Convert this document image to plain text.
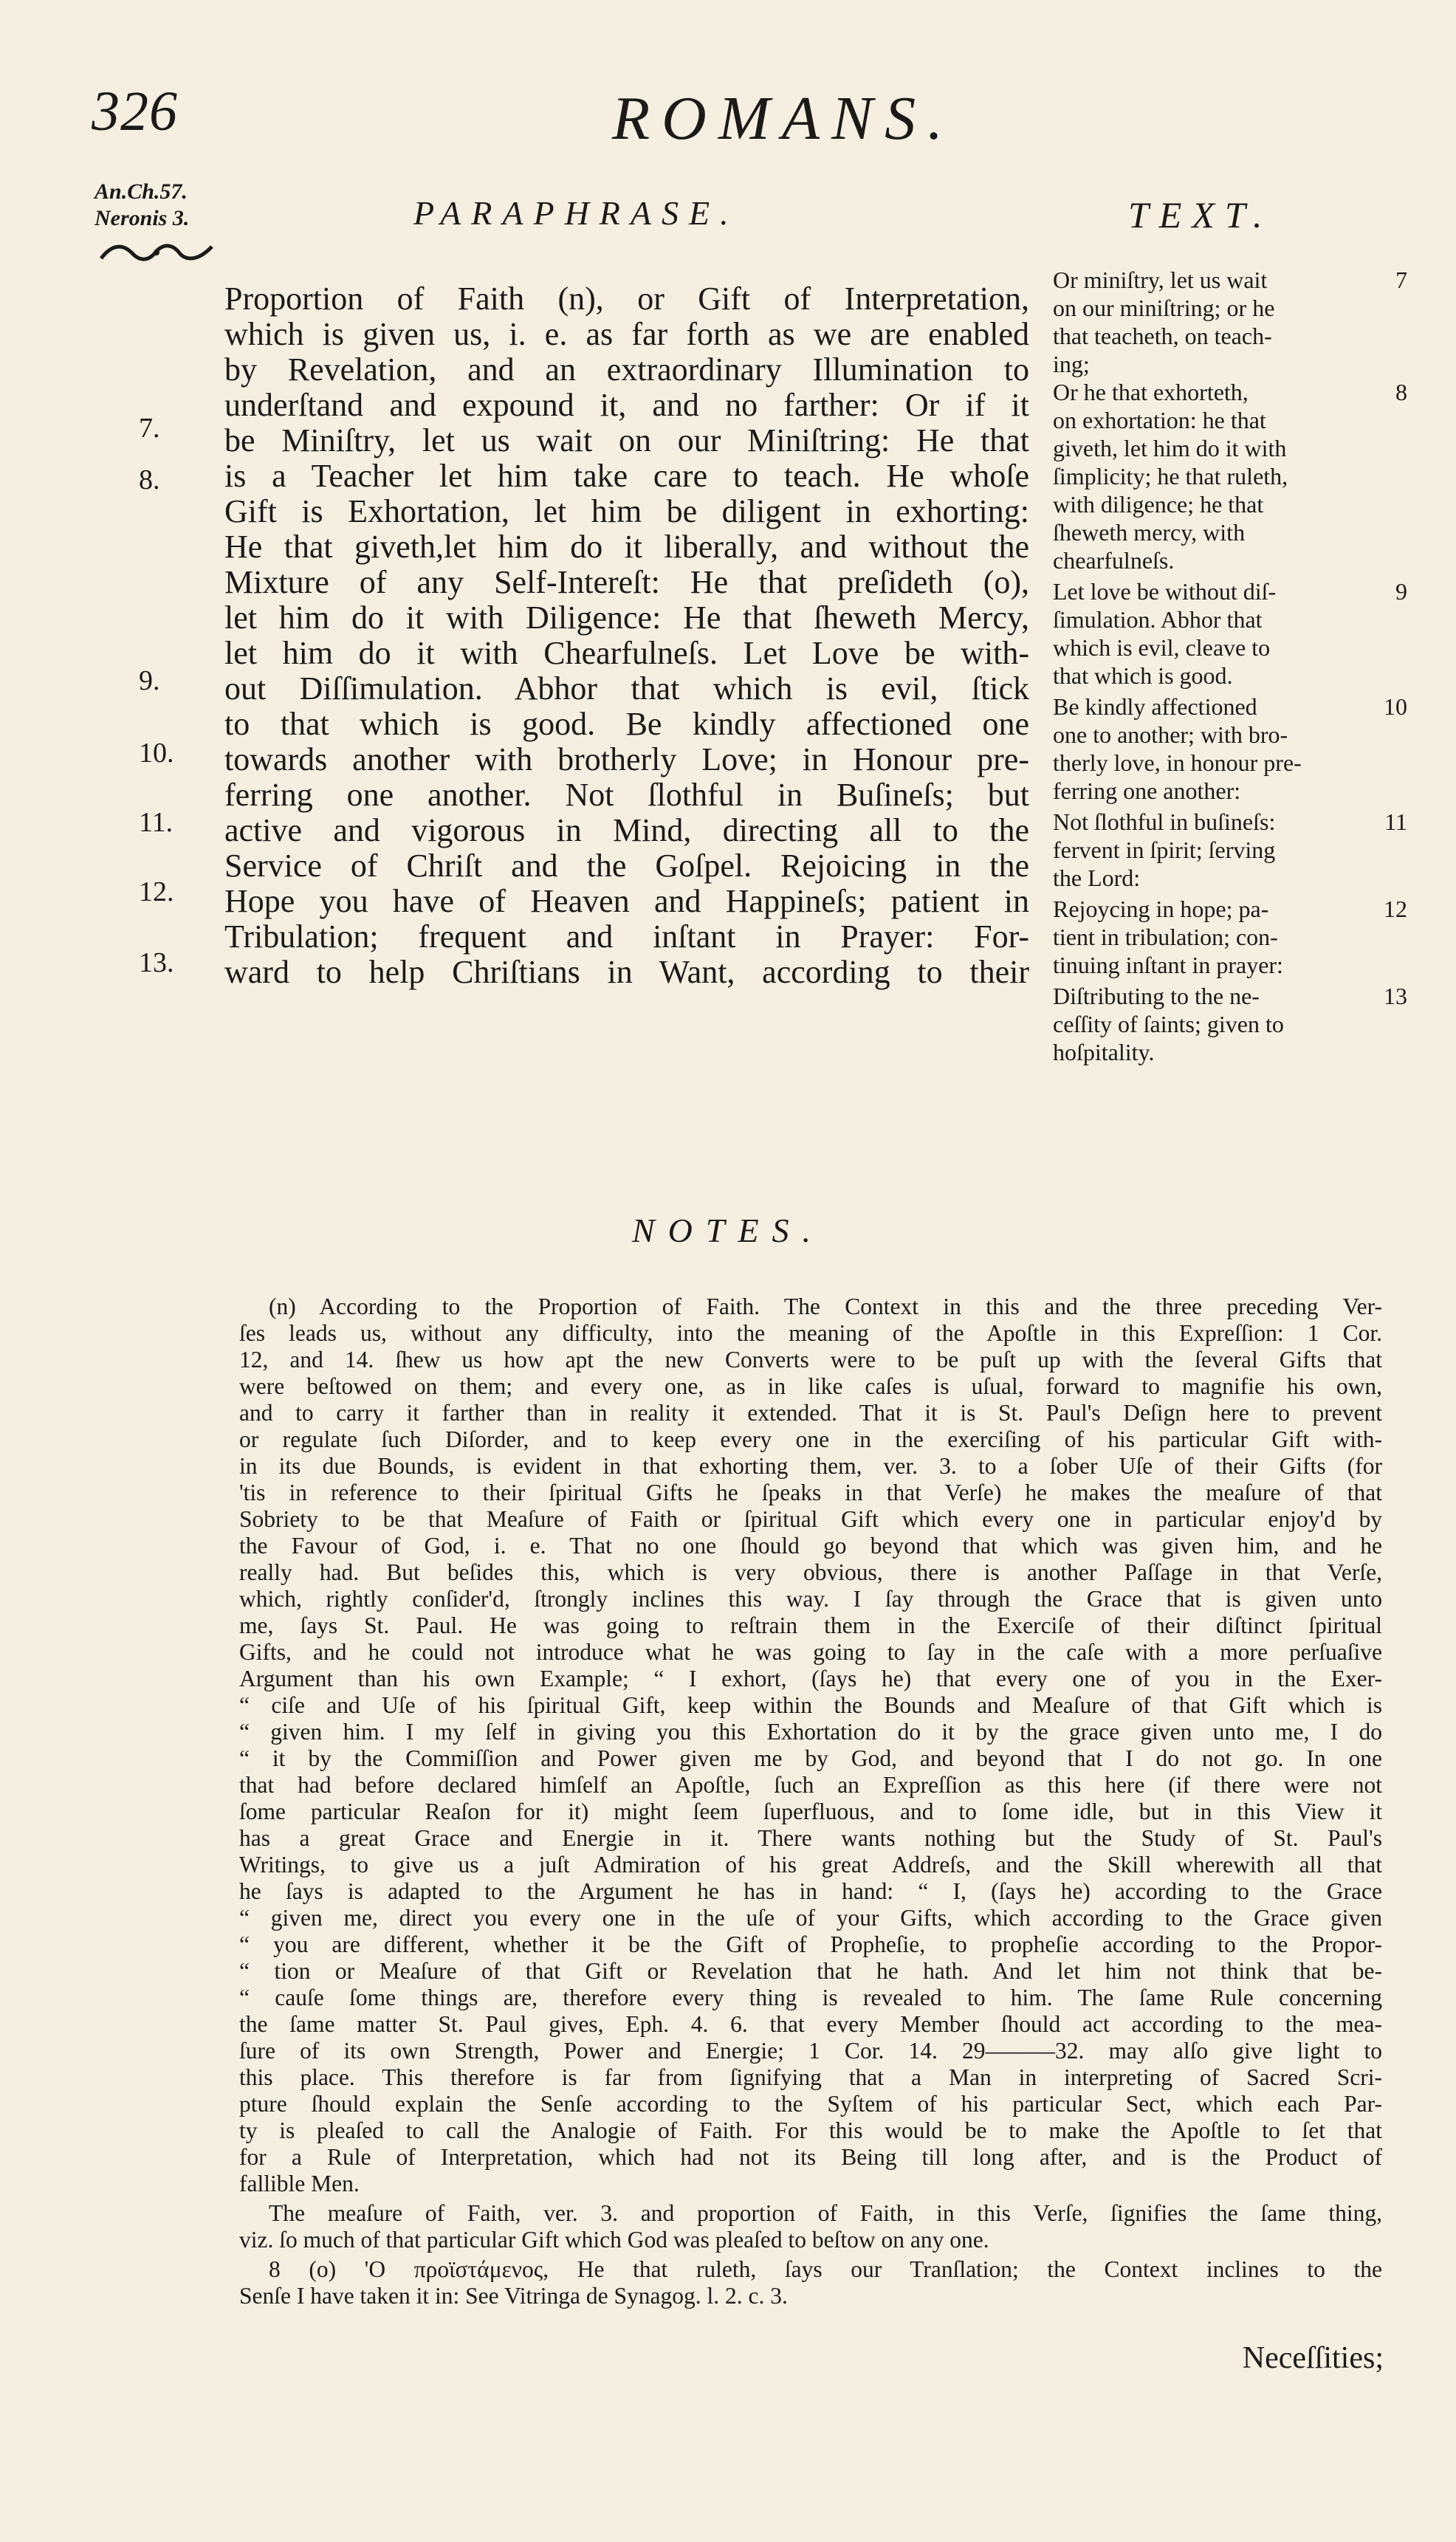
326	ROMANS.
An.Ch.57.
Neronis 3.	PARAPHRASE.	TEXT.
7.
8.
9.
10.
11.
12.
13.
Proportion of Faith (n), or Gift of Interpretation,
which is given us, i. e. as far forth as we are enabled
by Revelation, and an extraordinary Illumination to
underſtand and expound it, and no farther: Or if it
be Miniſtry, let us wait on our Miniſtring: He that
is a Teacher let him take care to teach. He whoſe
Gift is Exhortation, let him be diligent in exhorting:
He that giveth,let him do it liberally, and without the
Mixture of any Self-Intereſt: He that preſideth (o),
let him do it with Diligence: He that ſheweth Mercy,
let him do it with Chearfulneſs. Let Love be with-
out Diſſimulation. Abhor that which is evil, ſtick
to that which is good. Be kindly affectioned one
towards another with brotherly Love; in Honour pre-
ferring one another. Not ſlothful in Buſineſs; but
active and vigorous in Mind, directing all to the
Service of Chriſt and the Goſpel. Rejoicing in the
Hope you have of Heaven and Happineſs; patient in
Tribulation; frequent and inſtant in Prayer: For-
ward to help Chriſtians in Want, according to their
Or miniſtry, let us wait	7
on our miniſtring; or he
that teacheth, on teach-
ing;
Or he that exhorteth,	8
on exhortation: he that
giveth, let him do it with
ſimplicity; he that ruleth,
with diligence; he that
ſheweth mercy, with
chearfulneſs.
Let love be without diſ-	9
ſimulation. Abhor that
which is evil, cleave to
that which is good.
Be kindly affectioned	10
one to another; with bro-
therly love, in honour pre-
ferring one another:
Not ſlothful in buſineſs:	11
fervent in ſpirit; ſerving
the Lord:
Rejoycing in hope; pa-	12
tient in tribulation; con-
tinuing inſtant in prayer:
Diſtributing to the ne-	13
ceſſity of ſaints; given to
hoſpitality.
NOTES.
(n) According to the Proportion of Faith. The Context in this and the three preceding Ver-
ſes leads us, without any difficulty, into the meaning of the Apoſtle in this Expreſſion: 1 Cor.
12, and 14. ſhew us how apt the new Converts were to be puſt up with the ſeveral Gifts that
were beſtowed on them; and every one, as in like caſes is uſual, forward to magnifie his own,
and to carry it farther than in reality it extended. That it is St. Paul's Deſign here to prevent
or regulate ſuch Diſorder, and to keep every one in the exerciſing of his particular Gift with-
in its due Bounds, is evident in that exhorting them, ver. 3. to a ſober Uſe of their Gifts (for
'tis in reference to their ſpiritual Gifts he ſpeaks in that Verſe) he makes the meaſure of that
Sobriety to be that Meaſure of Faith or ſpiritual Gift which every one in particular enjoy'd by
the Favour of God, i. e. That no one ſhould go beyond that which was given him, and he
really had. But beſides this, which is very obvious, there is another Paſſage in that Verſe,
which, rightly conſider'd, ſtrongly inclines this way. I ſay through the Grace that is given unto
me, ſays St. Paul. He was going to reſtrain them in the Exerciſe of their diſtinct ſpiritual
Gifts, and he could not introduce what he was going to ſay in the caſe with a more perſuaſive
Argument than his own Example; “ I exhort, (ſays he) that every one of you in the Exer-
“ ciſe and Uſe of his ſpiritual Gift, keep within the Bounds and Meaſure of that Gift which is
“ given him. I my ſelf in giving you this Exhortation do it by the grace given unto me, I do
“ it by the Commiſſion and Power given me by God, and beyond that I do not go. In one
that had before declared himſelf an Apoſtle, ſuch an Expreſſion as this here (if there were not
ſome particular Reaſon for it) might ſeem ſuperfluous, and to ſome idle, but in this View it
has a great Grace and Energie in it. There wants nothing but the Study of St. Paul's
Writings, to give us a juſt Admiration of his great Addreſs, and the Skill wherewith all that
he ſays is adapted to the Argument he has in hand: “ I, (ſays he) according to the Grace
“ given me, direct you every one in the uſe of your Gifts, which according to the Grace given
“ you are different, whether it be the Gift of Propheſie, to propheſie according to the Propor-
“ tion or Meaſure of that Gift or Revelation that he hath. And let him not think that be-
“ cauſe ſome things are, therefore every thing is revealed to him. The ſame Rule concerning
the ſame matter St. Paul gives, Eph. 4. 6. that every Member ſhould act according to the mea-
ſure of its own Strength, Power and Energie; 1 Cor. 14. 29———32. may alſo give light to
this place. This therefore is far from ſignifying that a Man in interpreting of Sacred Scri-
pture ſhould explain the Senſe according to the Syſtem of his particular Sect, which each Par-
ty is pleaſed to call the Analogie of Faith. For this would be to make the Apoſtle to ſet that
for a Rule of Interpretation, which had not its Being till long after, and is the Product of
fallible Men.
The meaſure of Faith, ver. 3. and proportion of Faith, in this Verſe, ſignifies the ſame thing,
viz. ſo much of that particular Gift which God was pleaſed to beſtow on any one.
8 (o) 'O προϊστάμενος, He that ruleth, ſays our Tranſlation; the Context inclines to the
Senſe I have taken it in: See Vitringa de Synagog. l. 2. c. 3.
Neceſſities;
